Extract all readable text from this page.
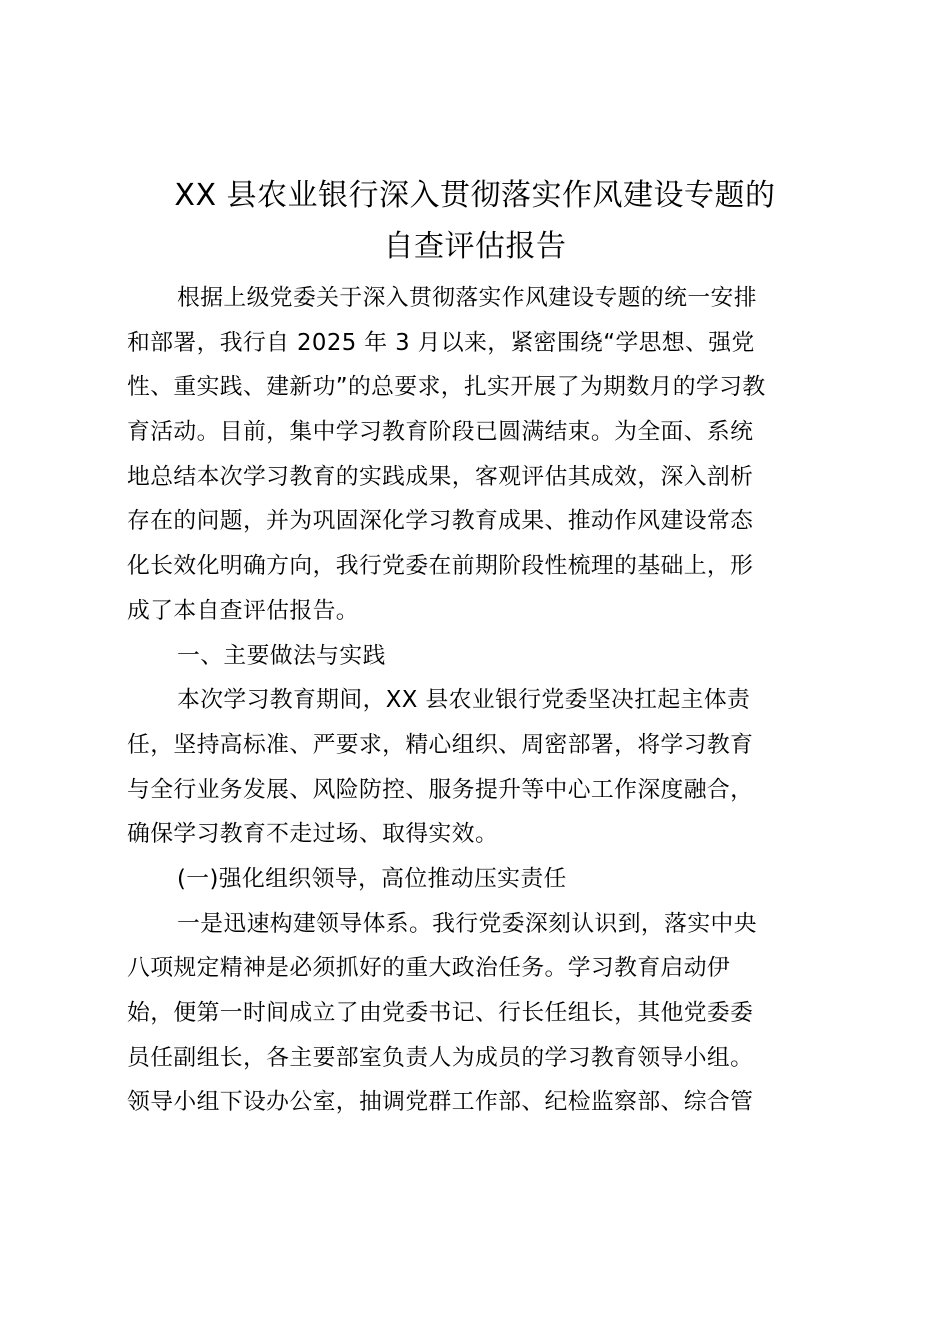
XX 县农业银行深入贯彻落实作风建设专题的
自查评估报告
根据上级党委关于深入贯彻落实作风建设专题的统一安排
和部署，我行自 2025 年 3 月以来，紧密围绕“学思想、强党
性、重实践、建新功”的总要求，扎实开展了为期数月的学习教
育活动。目前，集中学习教育阶段已圆满结束。为全面、系统
地总结本次学习教育的实践成果，客观评估其成效，深入剖析
存在的问题，并为巩固深化学习教育成果、推动作风建设常态
化长效化明确方向，我行党委在前期阶段性梳理的基础上，形
成了本自查评估报告。
一、主要做法与实践
本次学习教育期间，XX 县农业银行党委坚决扛起主体责
任，坚持高标准、严要求，精心组织、周密部署，将学习教育
与全行业务发展、风险防控、服务提升等中心工作深度融合，
确保学习教育不走过场、取得实效。
(一)强化组织领导，高位推动压实责任
一是迅速构建领导体系。我行党委深刻认识到，落实中央
八项规定精神是必须抓好的重大政治任务。学习教育启动伊
始，便第一时间成立了由党委书记、行长任组长，其他党委委
员任副组长，各主要部室负责人为成员的学习教育领导小组。
领导小组下设办公室，抽调党群工作部、纪检监察部、综合管
